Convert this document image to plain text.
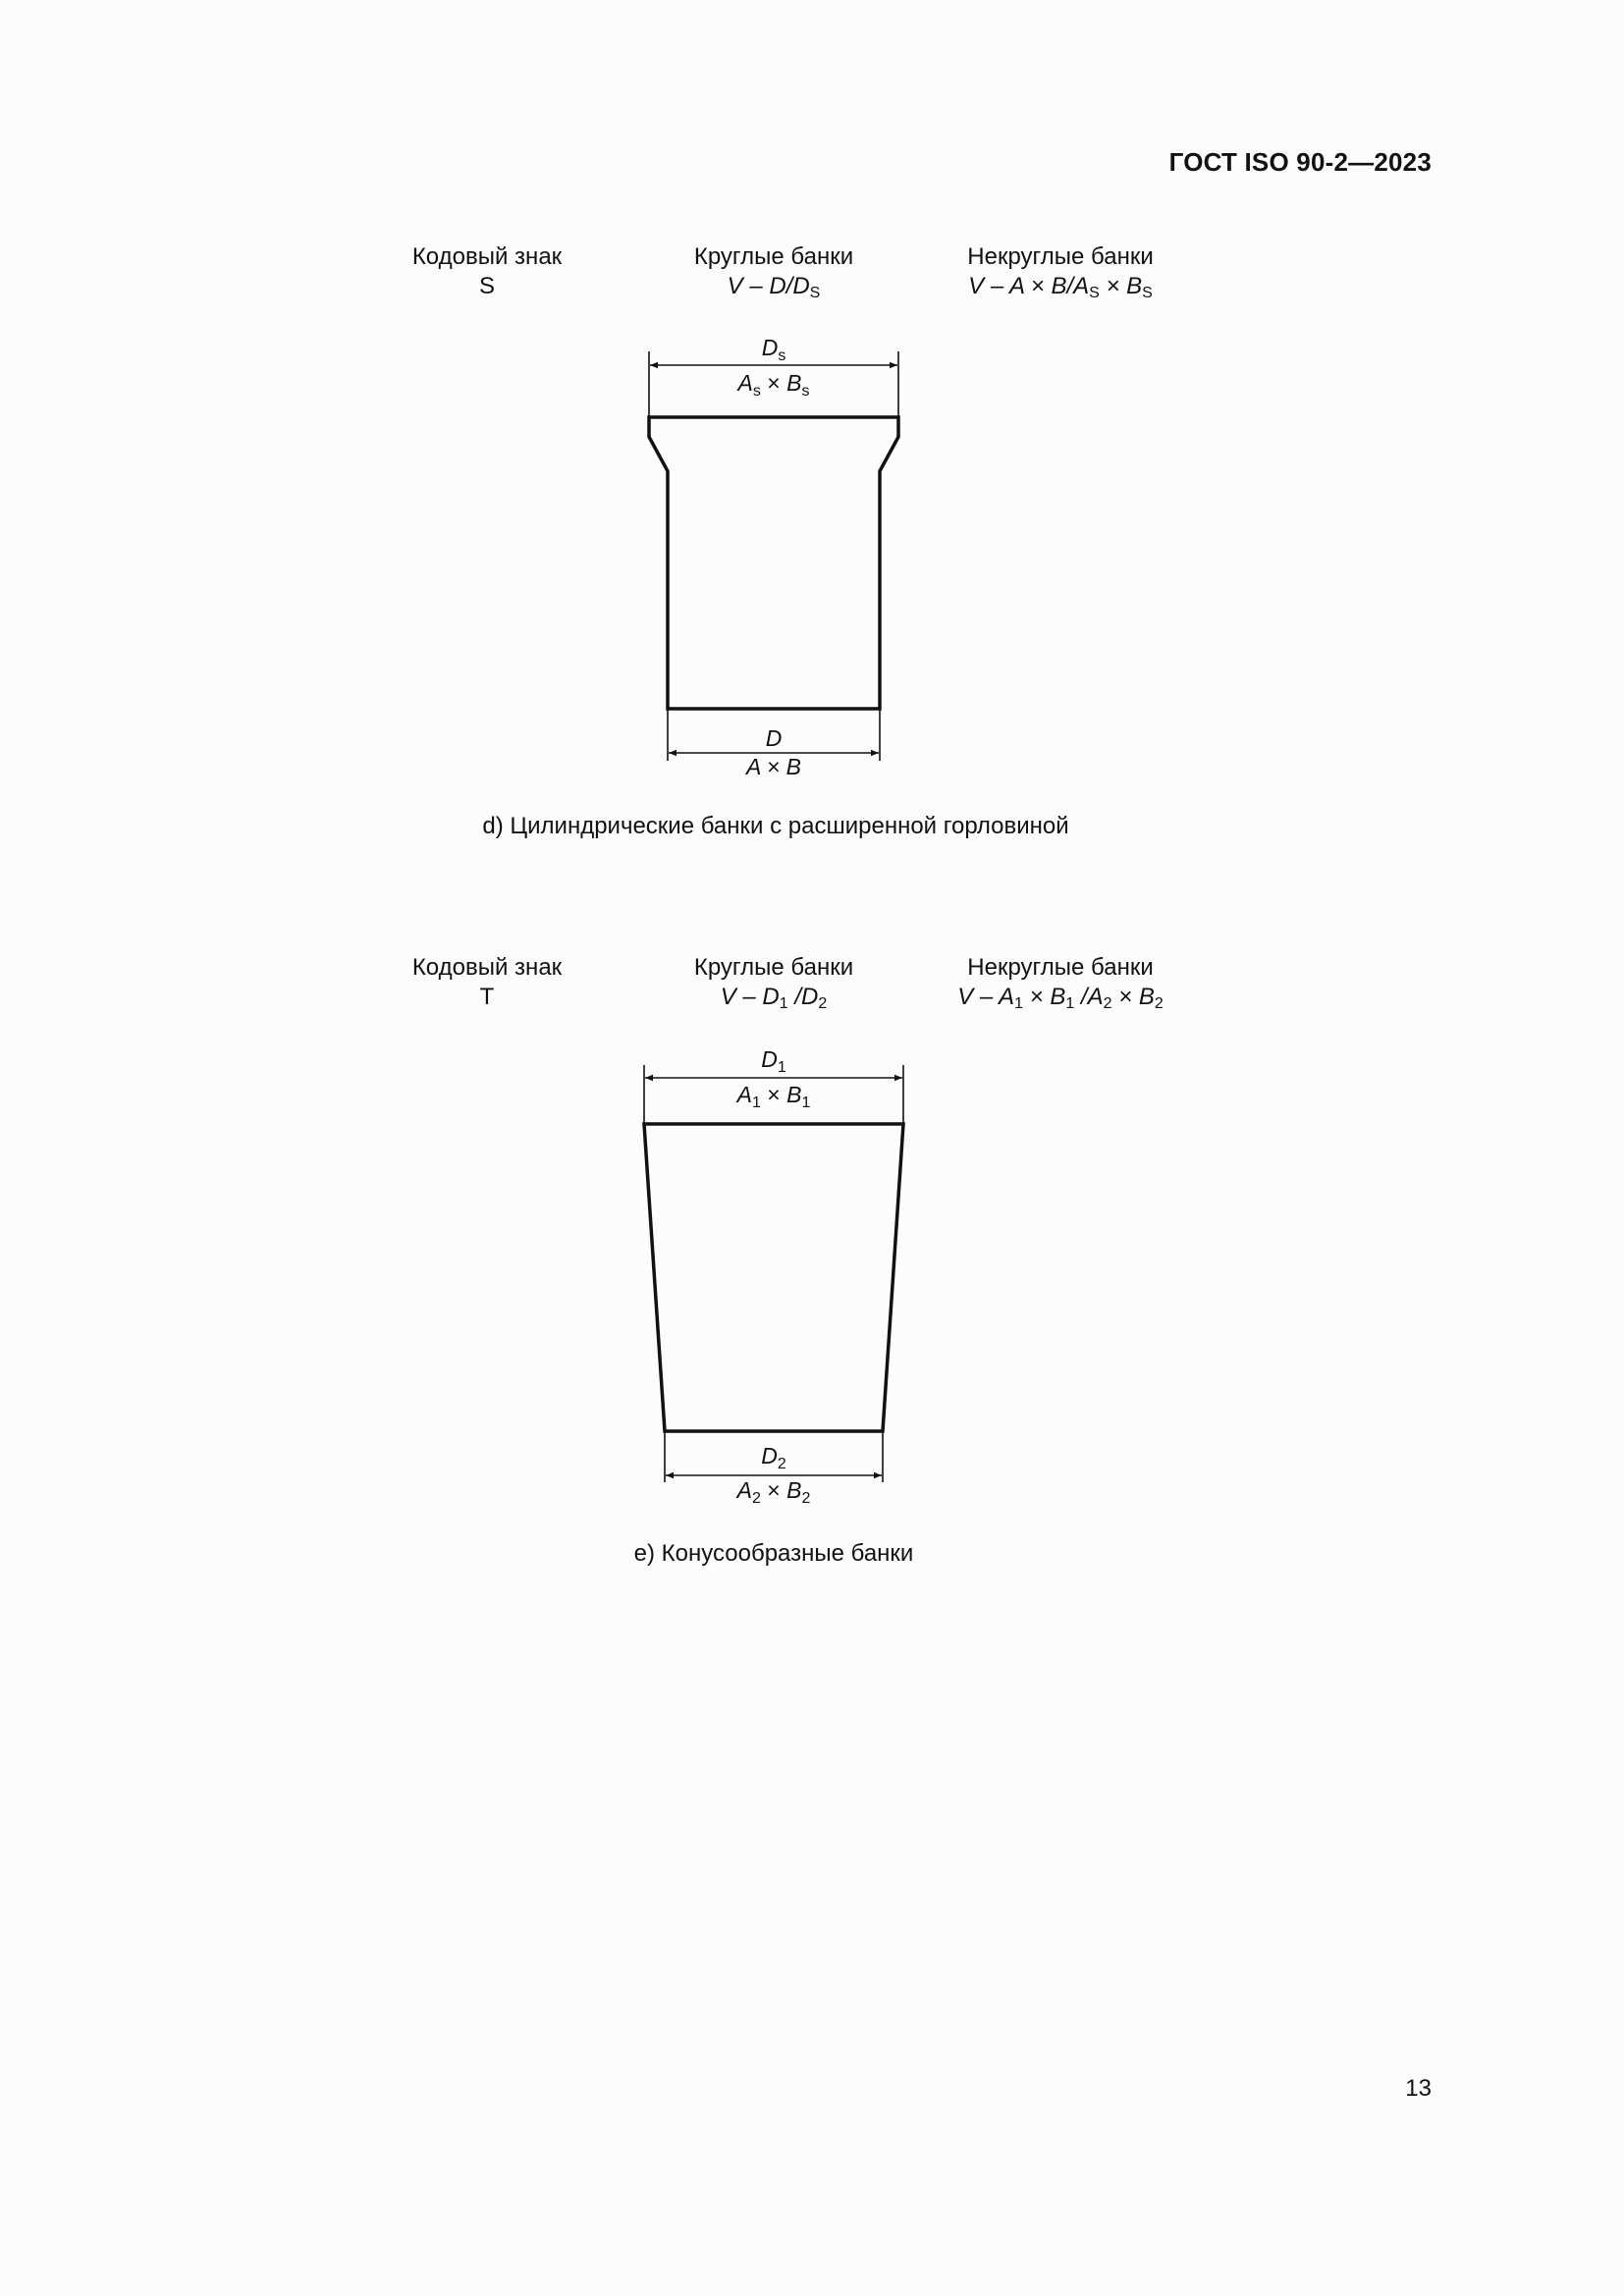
ГОСТ ISO 90-2—2023
Кодовый знак
S
Круглые банки
V – $D/D_S$
Некруглые банки
$V - A \times B/A_S \times B_S$
$D_s$
$A_s \times B_s$
D
A × B
d) Цилиндрические банки с расширенной горловиной
Кодовый знак
T
Круглые банки
V – $D_1$ $/D_2$
Некруглые банки
$V - A_1 \times B_1$ $/A_2 \times B_2$
$D_1$
$A_1 \times B_1$
$D_2$
$A_2 \times B_2$
e) Конусообразные банки
13
